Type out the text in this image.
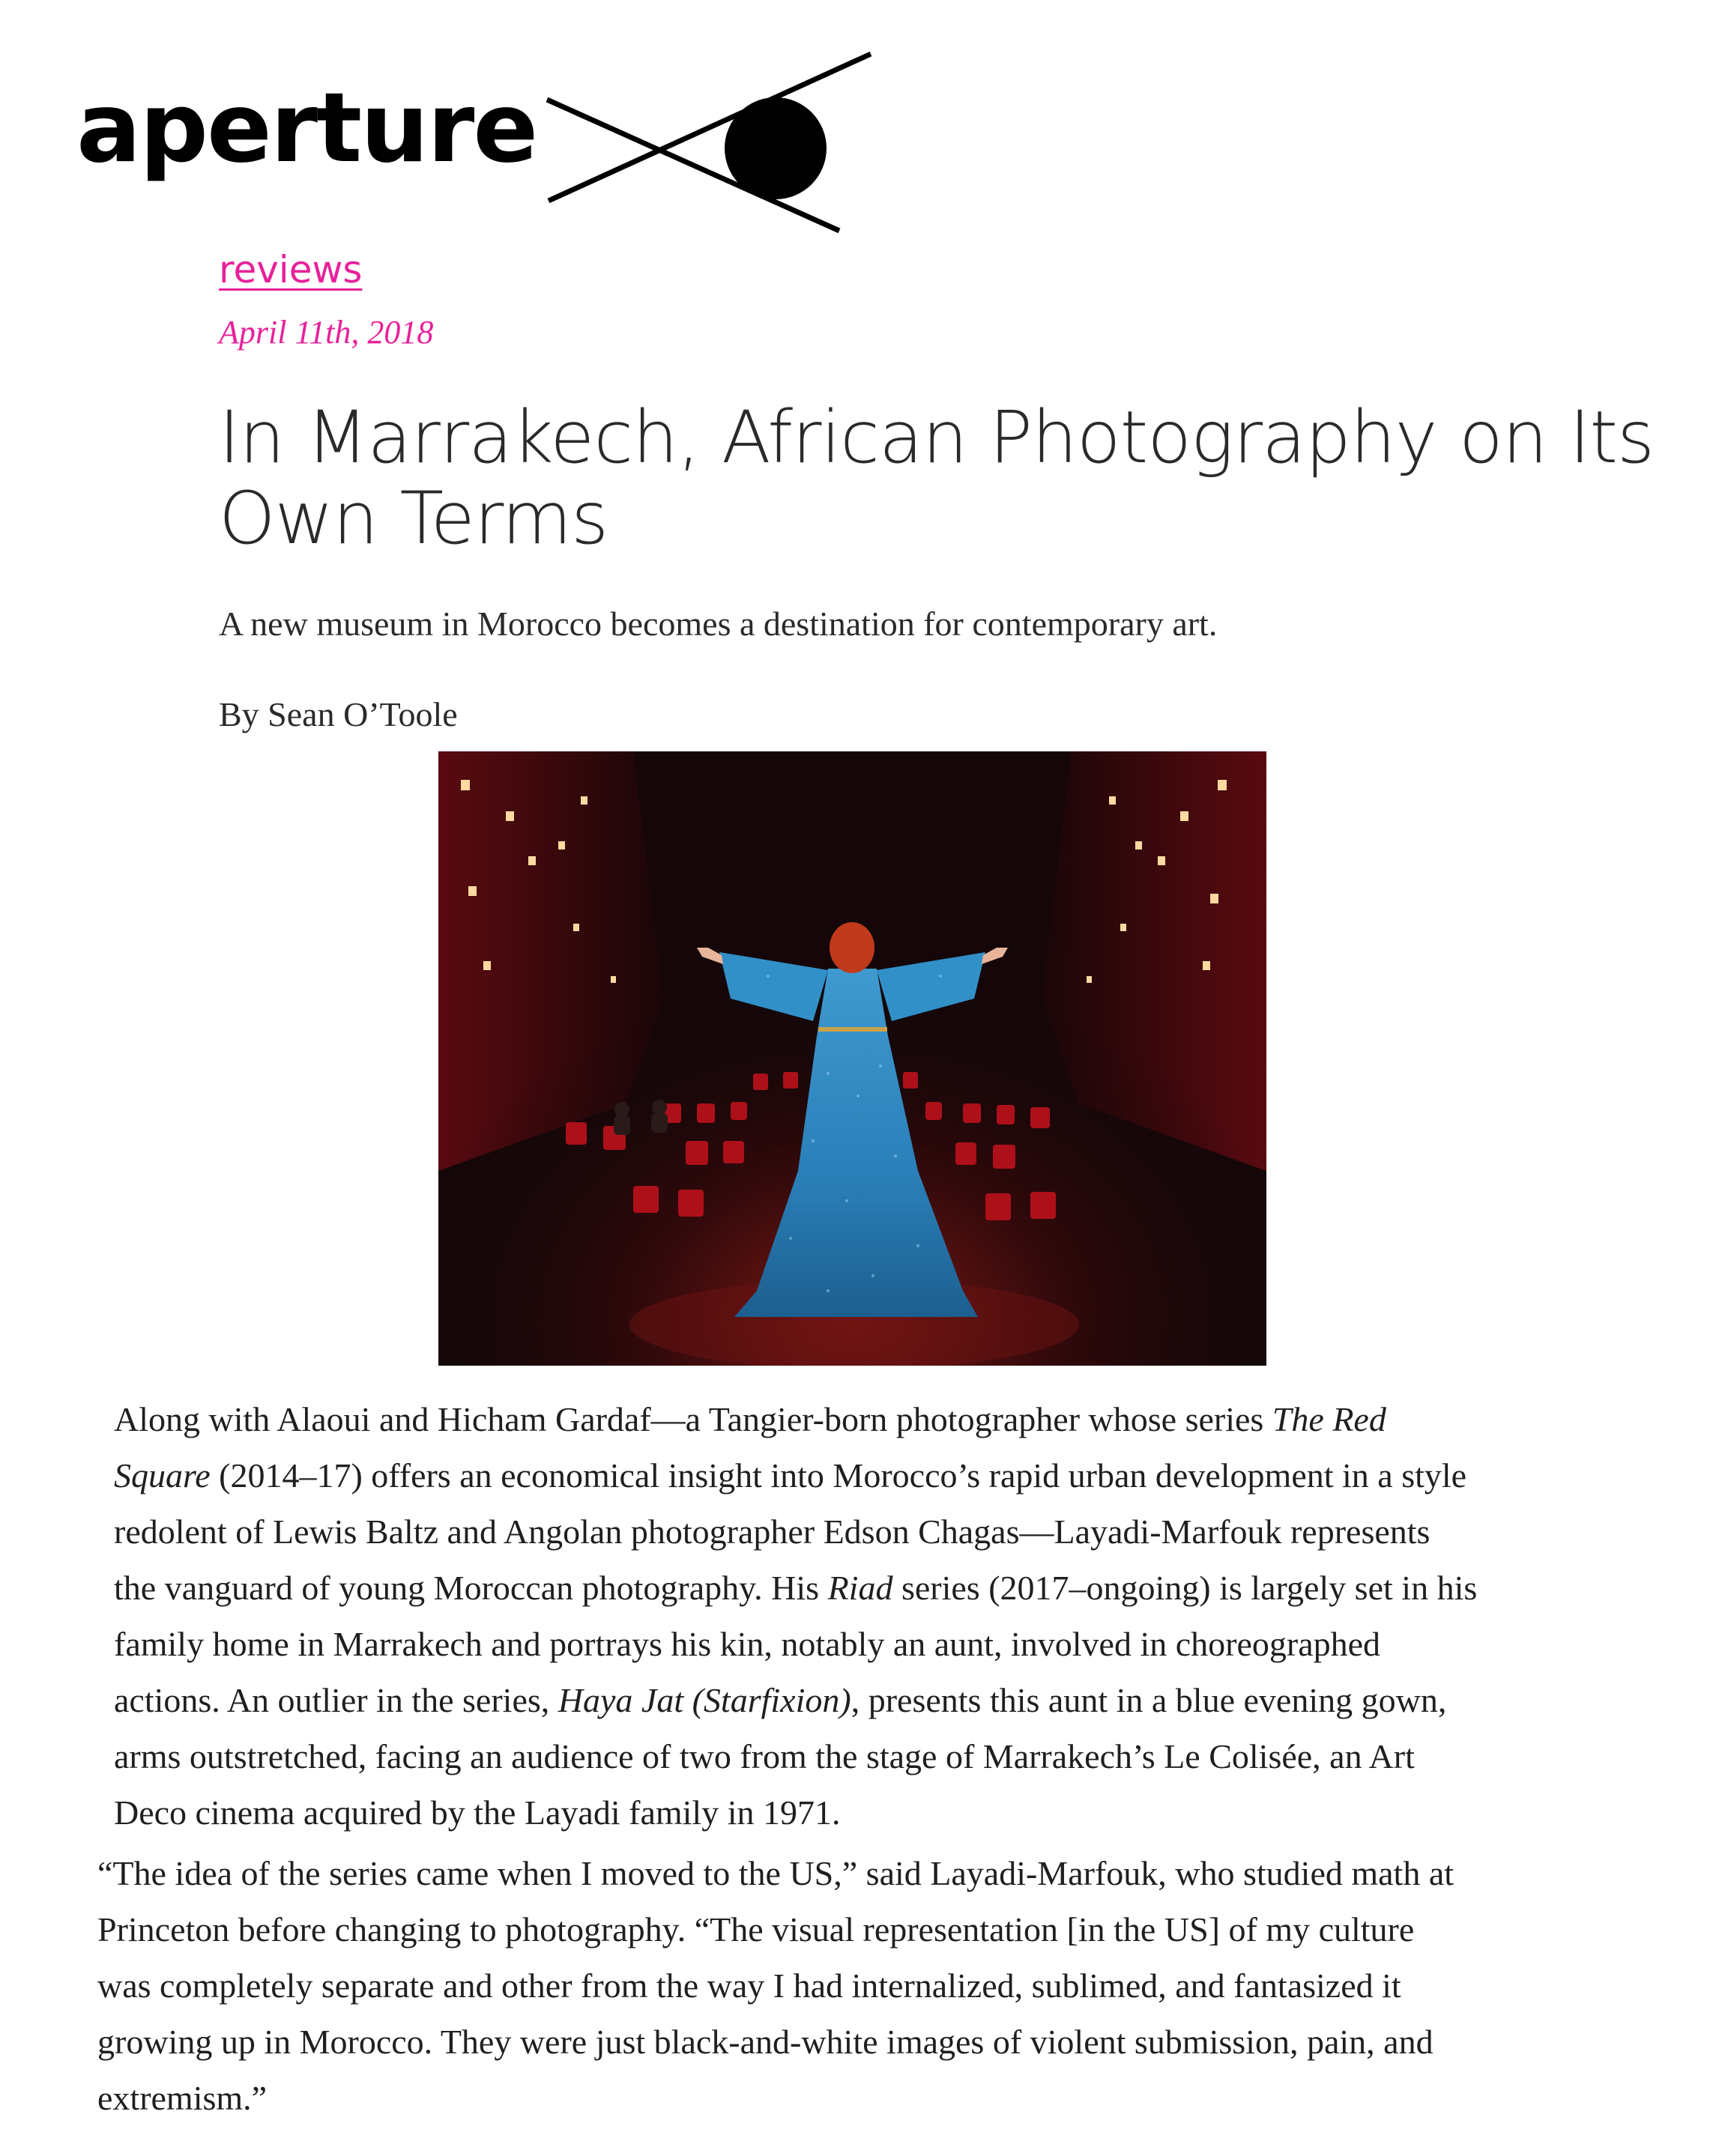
aperture
reviews
April 11th, 2018
In Marrakech, African Photography on Its
Own Terms

A new museum in Morocco becomes a destination for contemporary art.

By Sean O’Toole

Along with Alaoui and Hicham Gardaf—a Tangier-born photographer whose series The Red
Square (2014–17) offers an economical insight into Morocco’s rapid urban development in a style
redolent of Lewis Baltz and Angolan photographer Edson Chagas—Layadi-Marfouk represents
the vanguard of young Moroccan photography. His Riad series (2017–ongoing) is largely set in his
family home in Marrakech and portrays his kin, notably an aunt, involved in choreographed
actions. An outlier in the series, Haya Jat (Starfixion), presents this aunt in a blue evening gown,
arms outstretched, facing an audience of two from the stage of Marrakech’s Le Colisée, an Art
Deco cinema acquired by the Layadi family in 1971.

“The idea of the series came when I moved to the US,” said Layadi-Marfouk, who studied math at
Princeton before changing to photography. “The visual representation [in the US] of my culture
was completely separate and other from the way I had internalized, sublimed, and fantasized it
growing up in Morocco. They were just black-and-white images of violent submission, pain, and
extremism.”
